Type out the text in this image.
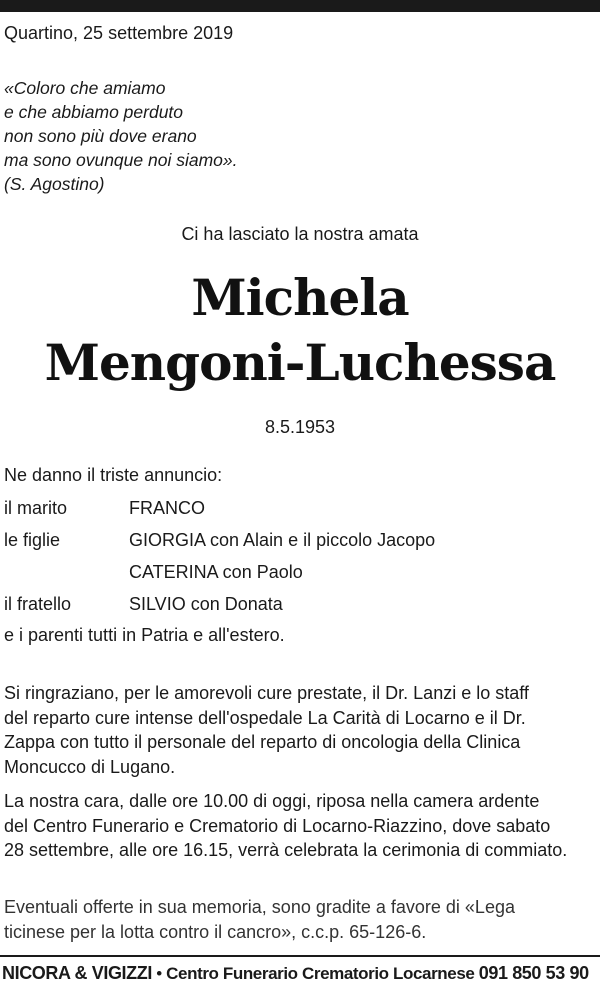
Quartino, 25 settembre 2019
«Coloro che amiamo
e che abbiamo perduto
non sono più dove erano
ma sono ovunque noi siamo».
(S. Agostino)
Ci ha lasciato la nostra amata
Michela
Mengoni-Luchessa
8.5.1953
Ne danno il triste annuncio:
il marito	FRANCO
le figlie	GIORGIA con Alain e il piccolo Jacopo
CATERINA con Paolo
il fratello	SILVIO con Donata
e i parenti tutti in Patria e all'estero.
Si ringraziano, per le amorevoli cure prestate, il Dr. Lanzi e lo staff
del reparto cure intense dell'ospedale La Carità di Locarno e il Dr.
Zappa con tutto il personale del reparto di oncologia della Clinica
Moncucco di Lugano.
La nostra cara, dalle ore 10.00 di oggi, riposa nella camera ardente
del Centro Funerario e Crematorio di Locarno-Riazzino, dove sabato
28 settembre, alle ore 16.15, verrà celebrata la cerimonia di commiato.
Eventuali offerte in sua memoria, sono gradite a favore di «Lega
ticinese per la lotta contro il cancro», c.c.p. 65-126-6.
NICORA & VIGIZZI • Centro Funerario Crematorio Locarnese 091 850 53 90
